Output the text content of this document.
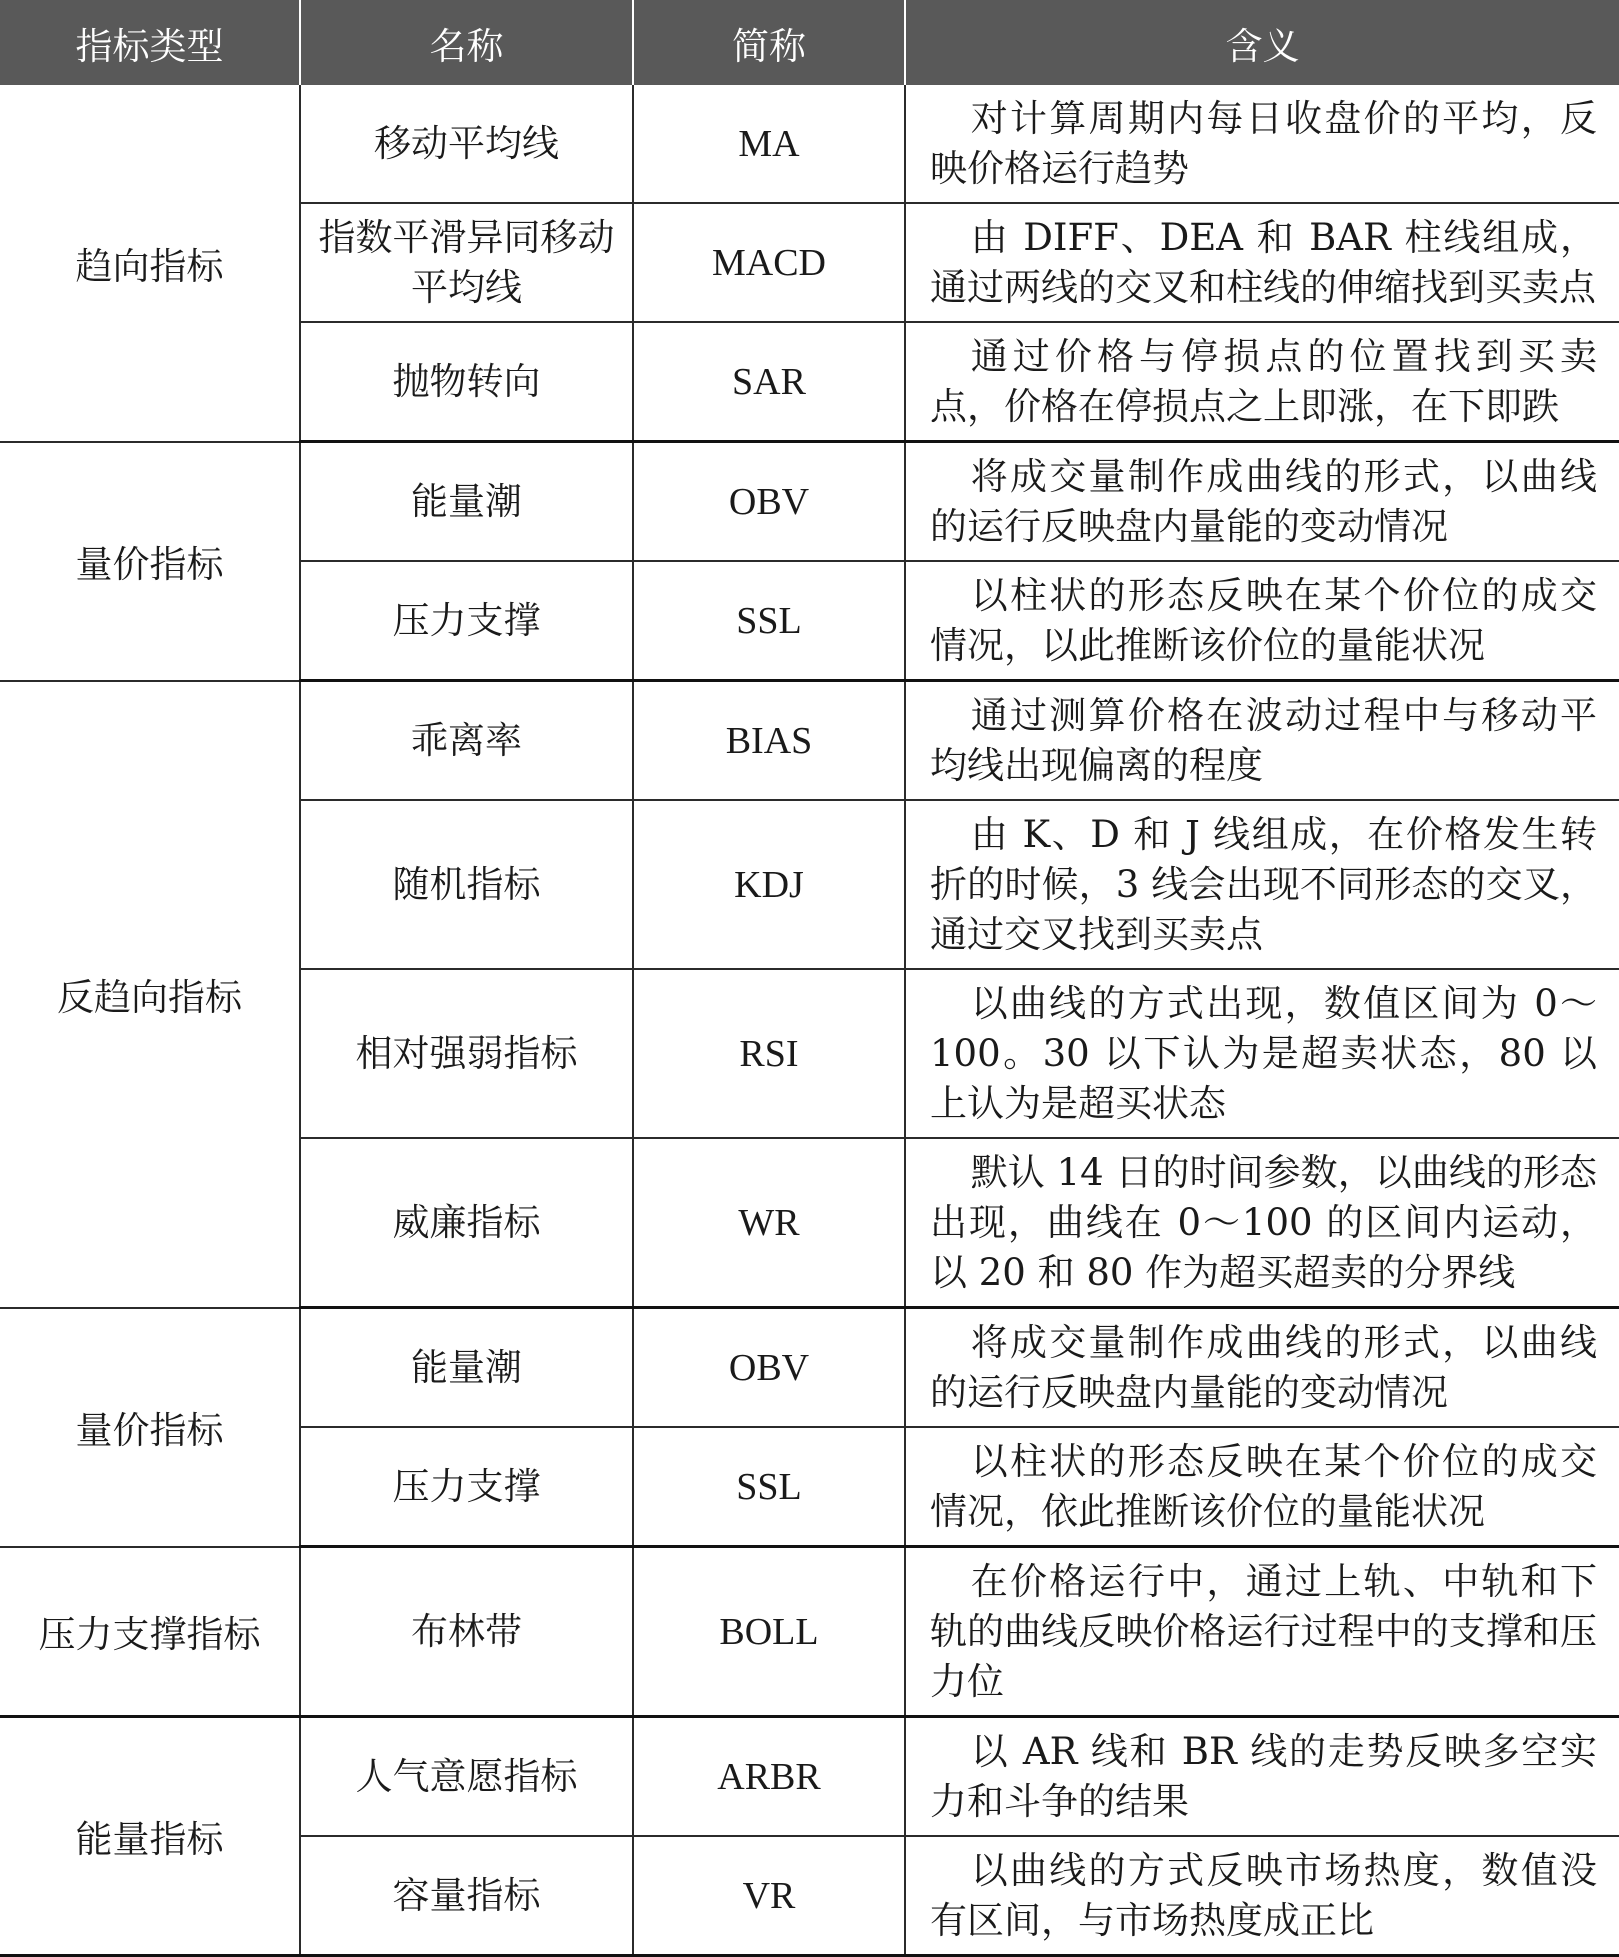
指标类型	名称	简称	含义
趋向指标	移动平均线	MA	对计算周期内每日收盘价的平均，反映价格运行趋势
	指数平滑异同移动平均线	MACD	由 DIFF、DEA 和 BAR 柱线组成，通过两线的交叉和柱线的伸缩找到买卖点
	抛物转向	SAR	通过价格与停损点的位置找到买卖点，价格在停损点之上即涨，在下即跌
量价指标	能量潮	OBV	将成交量制作成曲线的形式，以曲线的运行反映盘内量能的变动情况
	压力支撑	SSL	以柱状的形态反映在某个价位的成交情况，以此推断该价位的量能状况
反趋向指标	乖离率	BIAS	通过测算价格在波动过程中与移动平均线出现偏离的程度
	随机指标	KDJ	由 K、D 和 J 线组成，在价格发生转折的时候，3 线会出现不同形态的交叉，通过交叉找到买卖点
	相对强弱指标	RSI	以曲线的方式出现，数值区间为 0～100。30 以下认为是超卖状态，80 以上认为是超买状态
	威廉指标	WR	默认 14 日的时间参数，以曲线的形态出现，曲线在 0～100 的区间内运动，以 20 和 80 作为超买超卖的分界线
量价指标	能量潮	OBV	将成交量制作成曲线的形式，以曲线的运行反映盘内量能的变动情况
	压力支撑	SSL	以柱状的形态反映在某个价位的成交情况，依此推断该价位的量能状况
压力支撑指标	布林带	BOLL	在价格运行中，通过上轨、中轨和下轨的曲线反映价格运行过程中的支撑和压力位
能量指标	人气意愿指标	ARBR	以 AR 线和 BR 线的走势反映多空实力和斗争的结果
	容量指标	VR	以曲线的方式反映市场热度，数值没有区间，与市场热度成正比
